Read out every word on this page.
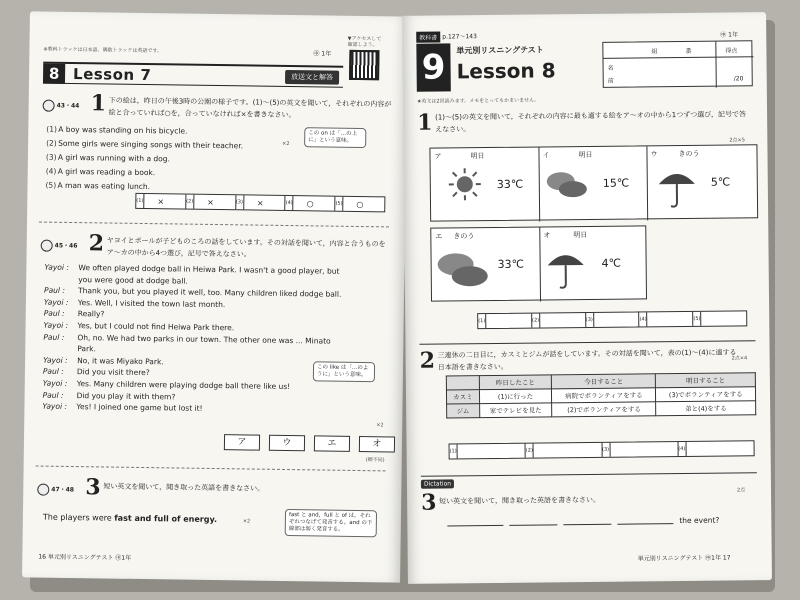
※教科トラックは日本語、偶数トラックは英語です。	㊥ 1年
▼アクセスして確認しよう。
8 Lesson 7	放送文と解答
43・44 1 下の絵は，昨日の午後3時の公園の様子です。(1)～(5)の英文を聞いて，それぞれの内容が絵と合っていれば○を，合っていなければ×を書きなさい。
(1)A boy was standing on his bicycle.
(2)Some girls were singing songs with their teacher.
(3)A girl was running with a dog.
(4)A girl was reading a book.
(5)A man was eating lunch.
この on は「…の上に」という意味。
×2
(1) ×	(2) ×	(3) ×	(4) ○	(5) ○
45・46 2 ヤヨイとポールが子どものころの話をしています。その対話を聞いて，内容と合うものをア～カの中から4つ選び，記号で答えなさい。
Yayoi : We often played dodge ball in Heiwa Park. I wasn't a good player, but
you were good at dodge ball.
Paul : Thank you, but you played it well, too. Many children liked dodge ball.
Yayoi : Yes. Well, I visited the town last month.
Paul : Really?
Yayoi : Yes, but I could not find Heiwa Park there.
Paul : Oh, no. We had two parks in our town. The other one was ... Minato
Park.
Yayoi : No, it was Miyako Park.
Paul : Did you visit there?
Yayoi : Yes. Many children were playing dodge ball there like us!
Paul : Did you play it with them?
Yayoi : Yes! I joined one game but lost it!
この like は「…のように」という意味。
×2
ア	ウ	エ	オ
(順不同)
47・48 3 短い英文を聞いて，聞き取った英語を書きなさい。
The players were fast and full of energy.	×2
fast と and，full と of は，それぞれつなげて発音する。and の下線部は弱く発音する。
16 単元別リスニングテスト ㊥1年
教科書 p.127～143	㊥ 1年
9	単元別リスニングテスト
Lesson 8
組	番	得点
名
前	/20
★英文は2回読みます。メモをとってもかまいません。
1 (1)～(5)の英文を聞いて，それぞれの内容に最も適する絵をア～オの中から1つずつ選び，記号で答えなさい。
2点×5
ア	明日
33℃
イ	明日
15℃
ウ	きのう
5℃
エ きのう
33℃
オ	明日
4℃
(1)	(2)	(3)	(4)	(5)
2 三連休の二日目に，カスミとジムが話をしています。その対話を聞いて，表の(1)～(4)に適する日本語を書きなさい。
2点×4
	昨日したこと	今日すること	明日すること
カスミ	(1)に行った	病院でボランティアをする	(3)でボランティアをする
ジム	家でテレビを見た	(2)でボランティアをする	弟と(4)をする
(1)	(2)	(3)	(4)
Dictation
3 短い英文を聞いて，聞き取った英語を書きなさい。
2点
the event?
単元別リスニングテスト ㊥1年 17
